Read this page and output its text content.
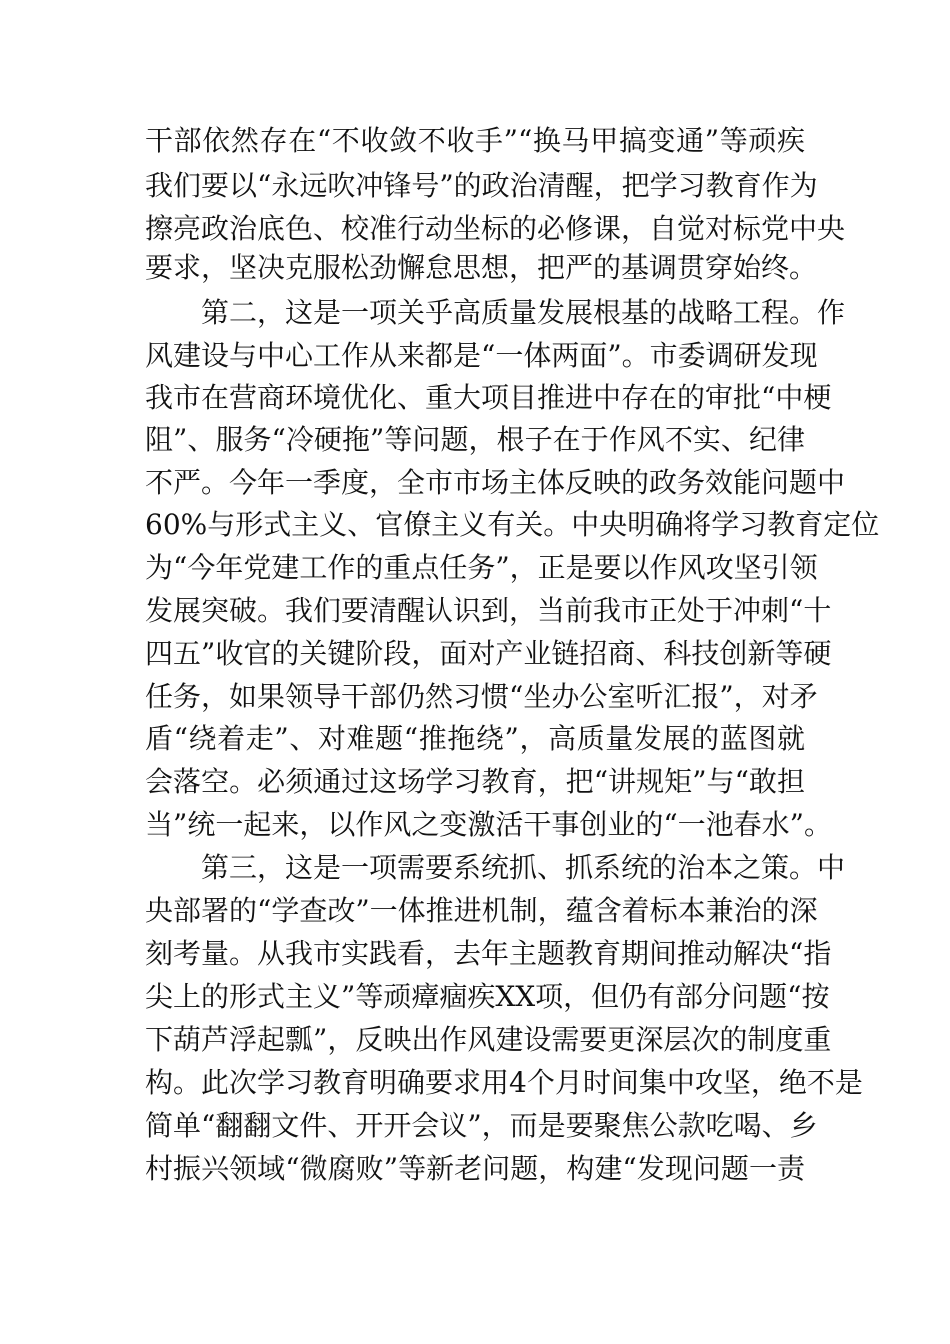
干部依然存在“不收敛不收手”“换马甲搞变通”等顽疾
我们要以“永远吹冲锋号”的政治清醒，把学习教育作为
擦亮政治底色、校准行动坐标的必修课，自觉对标党中央
要求，坚决克服松劲懈怠思想，把严的基调贯穿始终。
第二，这是一项关乎高质量发展根基的战略工程。作
风建设与中心工作从来都是“一体两面”。市委调研发现
我市在营商环境优化、重大项目推进中存在的审批“中梗
阻”、服务“冷硬拖”等问题，根子在于作风不实、纪律
不严。今年一季度，全市市场主体反映的政务效能问题中
60%与形式主义、官僚主义有关。中央明确将学习教育定位
为“今年党建工作的重点任务”，正是要以作风攻坚引领
发展突破。我们要清醒认识到，当前我市正处于冲刺“十
四五”收官的关键阶段，面对产业链招商、科技创新等硬
任务，如果领导干部仍然习惯“坐办公室听汇报”，对矛
盾“绕着走”、对难题“推拖绕”，高质量发展的蓝图就
会落空。必须通过这场学习教育，把“讲规矩”与“敢担
当”统一起来，以作风之变激活干事创业的“一池春水”。
第三，这是一项需要系统抓、抓系统的治本之策。中
央部署的“学查改”一体推进机制，蕴含着标本兼治的深
刻考量。从我市实践看，去年主题教育期间推动解决“指
尖上的形式主义”等顽瘴痼疾XX项，但仍有部分问题“按
下葫芦浮起瓢”，反映出作风建设需要更深层次的制度重
构。此次学习教育明确要求用4个月时间集中攻坚，绝不是
简单“翻翻文件、开开会议”，而是要聚焦公款吃喝、乡
村振兴领域“微腐败”等新老问题，构建“发现问题一责
